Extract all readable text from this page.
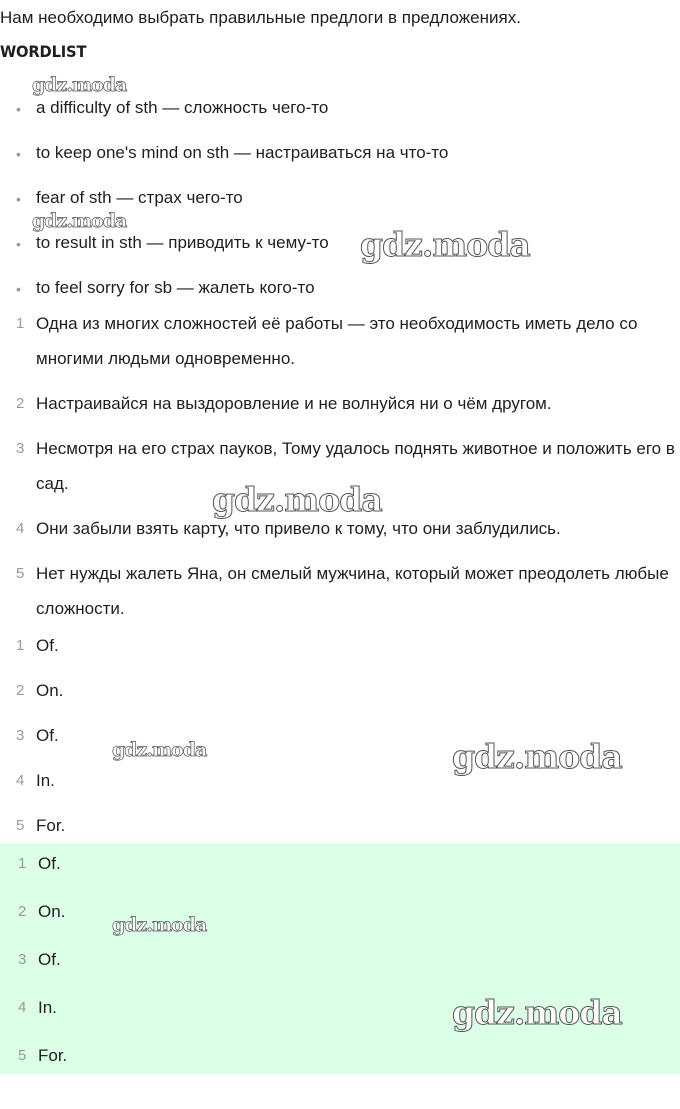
Нам необходимо выбрать правильные предлоги в предложениях.
WORDLIST
• a difficulty of sth — сложность чего-то
• to keep one's mind on sth — настраиваться на что-то
• fear of sth — страх чего-то
• to result in sth — приводить к чему-то
• to feel sorry for sb — жалеть кого-то
1 Одна из многих сложностей её работы — это необходимость иметь дело со многими людьми одновременно.
2 Настраивайся на выздоровление и не волнуйся ни о чём другом.
3 Несмотря на его страх пауков, Тому удалось поднять животное и положить его в сад.
4 Они забыли взять карту, что привело к тому, что они заблудились.
5 Нет нужды жалеть Яна, он смелый мужчина, который может преодолеть любые сложности.
1 Of.
2 On.
3 Of.
4 In.
5 For.
1 Of.
2 On.
3 Of.
4 In.
5 For.
gdz.moda
gdz.moda
gdz.moda
gdz.moda
gdz.moda	gdz.moda
gdz.moda
gdz.moda
